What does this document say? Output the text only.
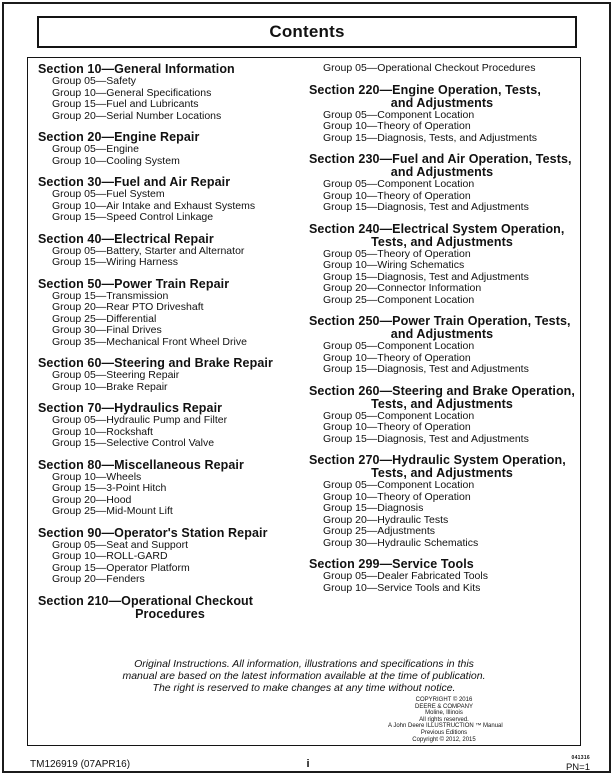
Contents
Section 10—General Information
Group 05—Safety
Group 10—General Specifications
Group 15—Fuel and Lubricants
Group 20—Serial Number Locations
Section 20—Engine Repair
Group 05—Engine
Group 10—Cooling System
Section 30—Fuel and Air Repair
Group 05—Fuel System
Group 10—Air Intake and Exhaust Systems
Group 15—Speed Control Linkage
Section 40—Electrical Repair
Group 05—Battery, Starter and Alternator
Group 15—Wiring Harness
Section 50—Power Train Repair
Group 15—Transmission
Group 20—Rear PTO Driveshaft
Group 25—Differential
Group 30—Final Drives
Group 35—Mechanical Front Wheel Drive
Section 60—Steering and Brake Repair
Group 05—Steering Repair
Group 10—Brake Repair
Section 70—Hydraulics Repair
Group 05—Hydraulic Pump and Filter
Group 10—Rockshaft
Group 15—Selective Control Valve
Section 80—Miscellaneous Repair
Group 10—Wheels
Group 15—3-Point Hitch
Group 20—Hood
Group 25—Mid-Mount Lift
Section 90—Operator's Station Repair
Group 05—Seat and Support
Group 10—ROLL-GARD
Group 15—Operator Platform
Group 20—Fenders
Section 210—Operational Checkout
Procedures
Group 05—Operational Checkout Procedures
Section 220—Engine Operation, Tests,
and Adjustments
Group 05—Component Location
Group 10—Theory of Operation
Group 15—Diagnosis, Tests, and Adjustments
Section 230—Fuel and Air Operation, Tests,
and Adjustments
Group 05—Component Location
Group 10—Theory of Operation
Group 15—Diagnosis, Test and Adjustments
Section 240—Electrical System Operation,
Tests, and Adjustments
Group 05—Theory of Operation
Group 10—Wiring Schematics
Group 15—Diagnosis, Test and Adjustments
Group 20—Connector Information
Group 25—Component Location
Section 250—Power Train Operation, Tests,
and Adjustments
Group 05—Component Location
Group 10—Theory of Operation
Group 15—Diagnosis, Test and Adjustments
Section 260—Steering and Brake Operation,
Tests, and Adjustments
Group 05—Component Location
Group 10—Theory of Operation
Group 15—Diagnosis, Test and Adjustments
Section 270—Hydraulic System Operation,
Tests, and Adjustments
Group 05—Component Location
Group 10—Theory of Operation
Group 15—Diagnosis
Group 20—Hydraulic Tests
Group 25—Adjustments
Group 30—Hydraulic Schematics
Section 299—Service Tools
Group 05—Dealer Fabricated Tools
Group 10—Service Tools and Kits
Original Instructions. All information, illustrations and specifications in this
manual are based on the latest information available at the time of publication.
The right is reserved to make changes at any time without notice.
COPYRIGHT © 2016
DEERE & COMPANY
Moline, Illinois
All rights reserved.
A John Deere ILLUSTRUCTION ™ Manual
Previous Editions
Copyright © 2012, 2015
TM126919 (07APR16)	i	041316
PN=1
